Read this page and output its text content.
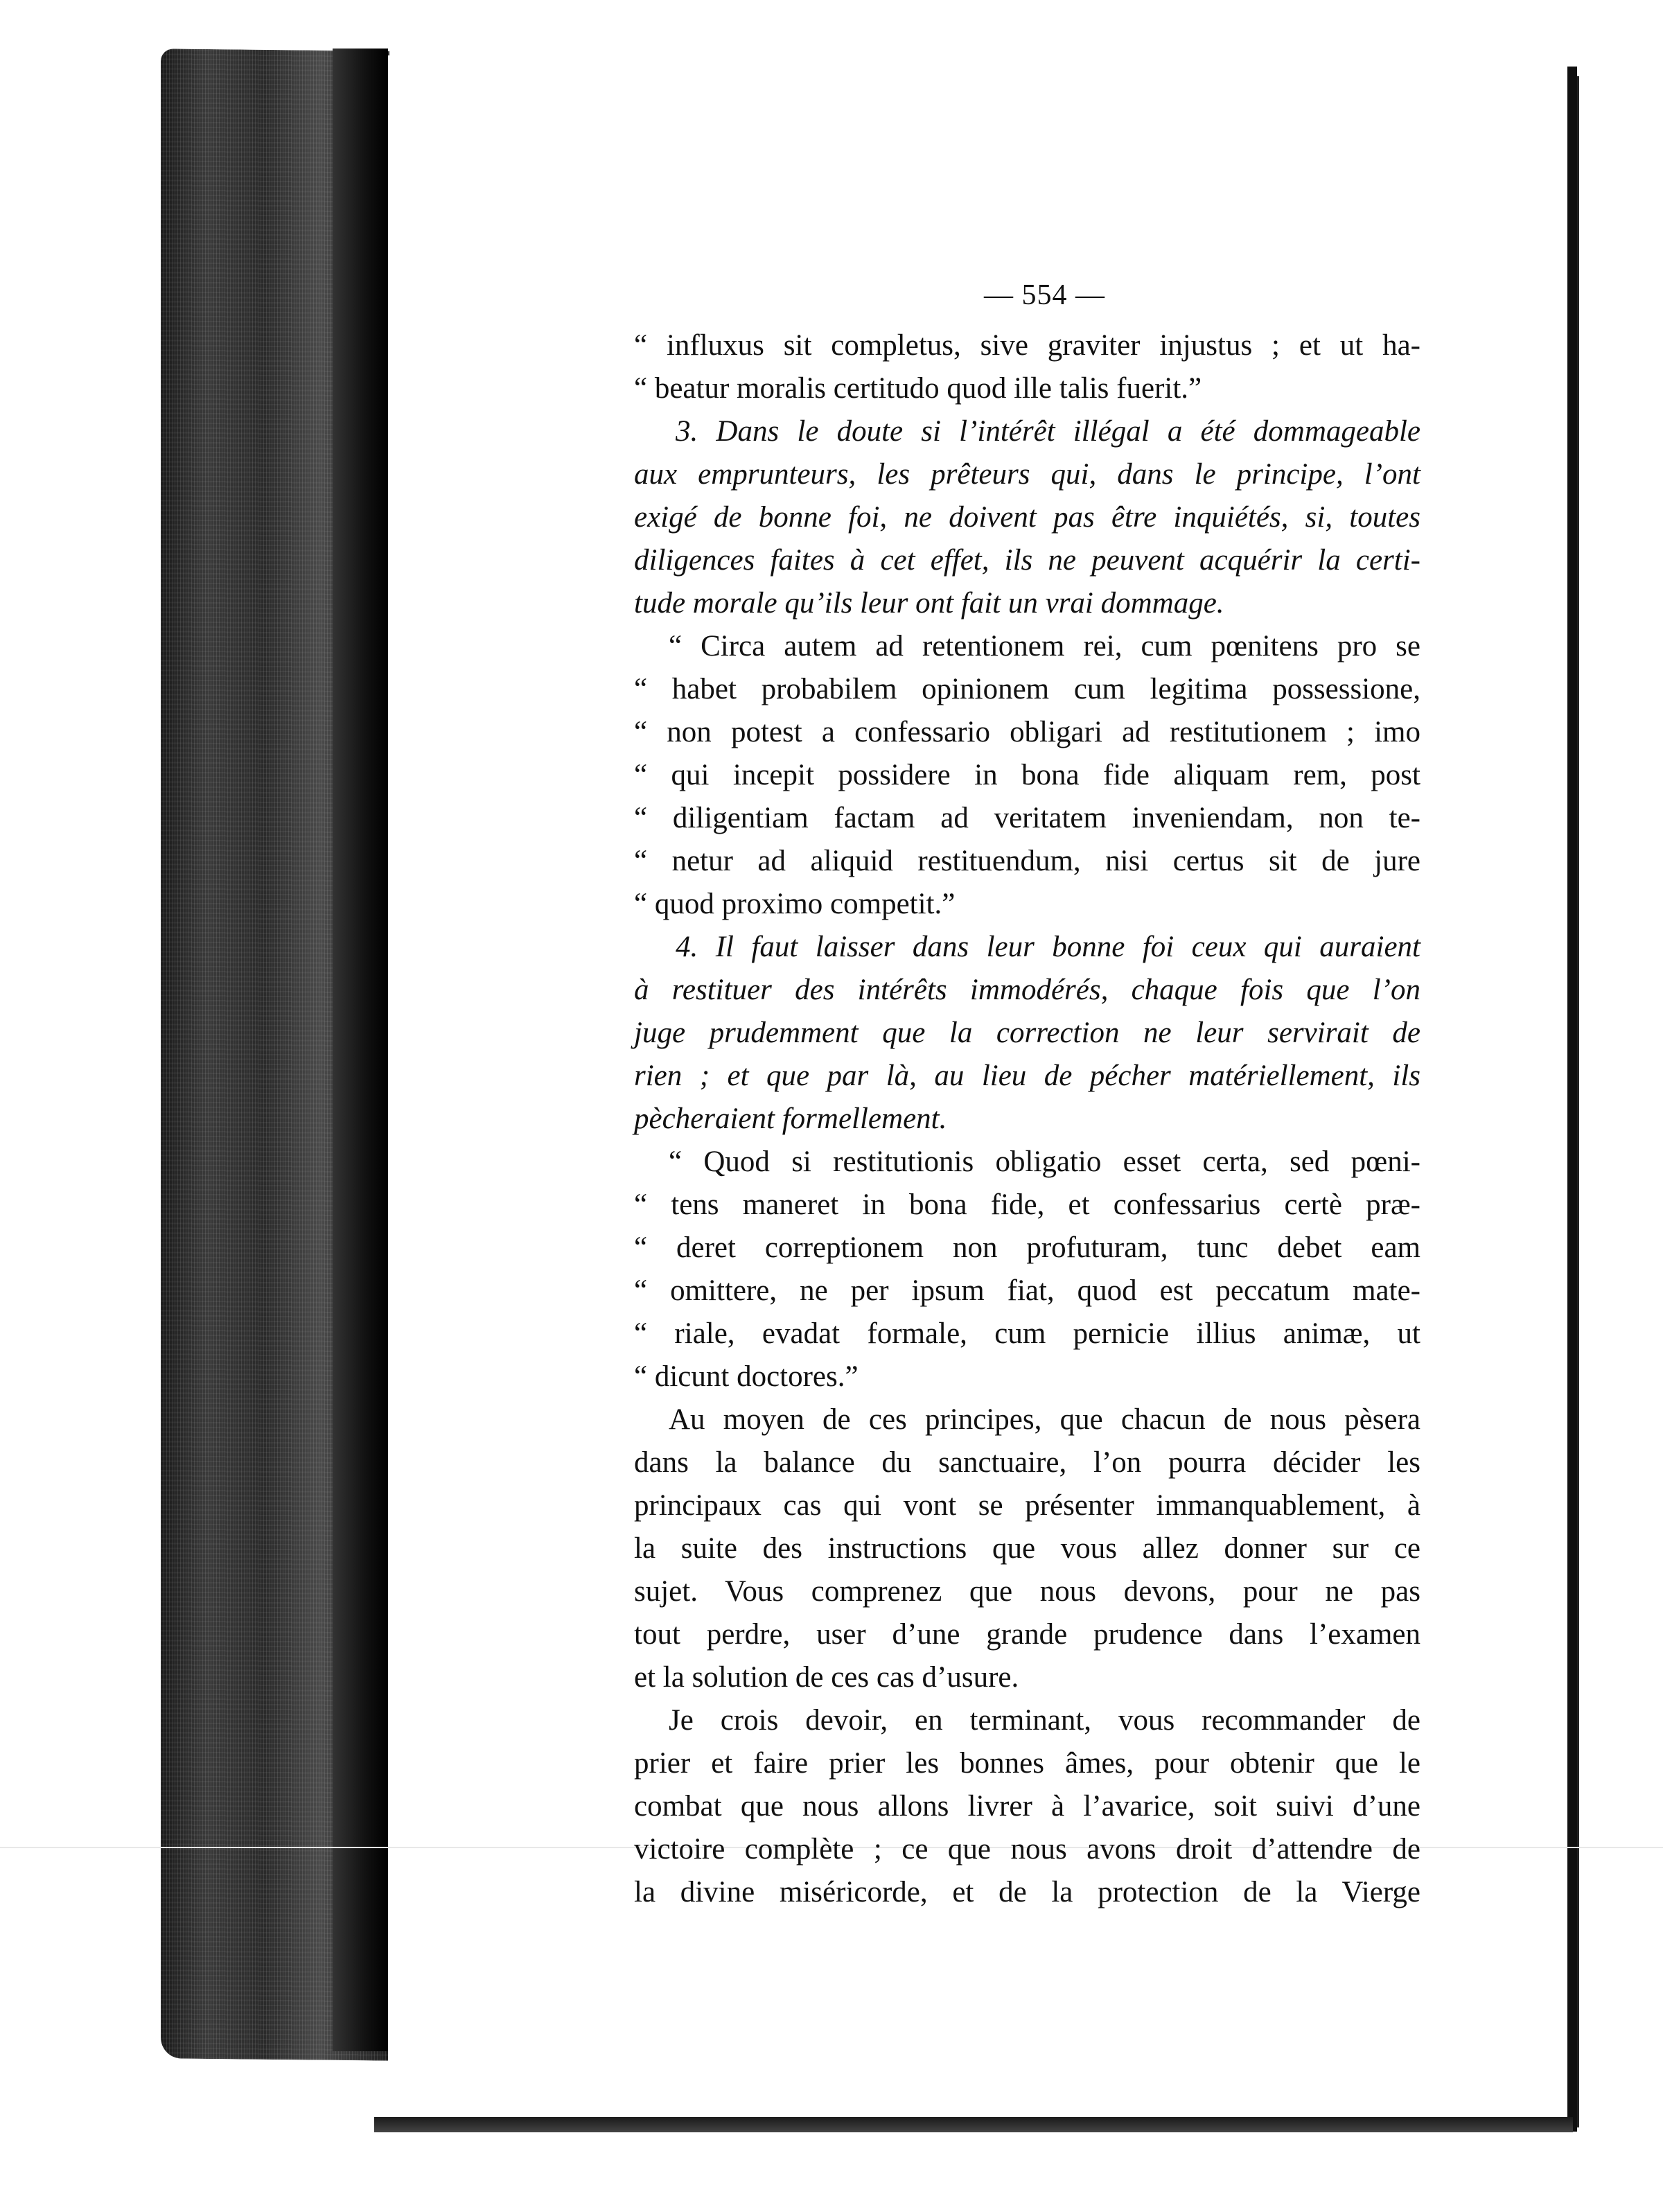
— 554 —
“ influxus sit completus, sive graviter injustus ; et ut ha-
“ beatur moralis certitudo quod ille talis fuerit.”
3. Dans le doute si l’intérêt illégal a été dommageable
aux emprunteurs, les prêteurs qui, dans le principe, l’ont
exigé de bonne foi, ne doivent pas être inquiétés, si, toutes
diligences faites à cet effet, ils ne peuvent acquérir la certi-
tude morale qu’ils leur ont fait un vrai dommage.
“ Circa autem ad retentionem rei, cum pœnitens pro se
“ habet probabilem opinionem cum legitima possessione,
“ non potest a confessario obligari ad restitutionem ; imo
“ qui incepit possidere in bona fide aliquam rem, post
“ diligentiam factam ad veritatem inveniendam, non te-
“ netur ad aliquid restituendum, nisi certus sit de jure
“ quod proximo competit.”
4. Il faut laisser dans leur bonne foi ceux qui auraient
à restituer des intérêts immodérés, chaque fois que l’on
juge prudemment que la correction ne leur servirait de
rien ; et que par là, au lieu de pécher matériellement, ils
pècheraient formellement.
“ Quod si restitutionis obligatio esset certa, sed pœni-
“ tens maneret in bona fide, et confessarius certè præ-
“ deret correptionem non profuturam, tunc debet eam
“ omittere, ne per ipsum fiat, quod est peccatum mate-
“ riale, evadat formale, cum pernicie illius animæ, ut
“ dicunt doctores.”
Au moyen de ces principes, que chacun de nous pèsera
dans la balance du sanctuaire, l’on pourra décider les
principaux cas qui vont se présenter immanquablement, à
la suite des instructions que vous allez donner sur ce
sujet. Vous comprenez que nous devons, pour ne pas
tout perdre, user d’une grande prudence dans l’examen
et la solution de ces cas d’usure.
Je crois devoir, en terminant, vous recommander de
prier et faire prier les bonnes âmes, pour obtenir que le
combat que nous allons livrer à l’avarice, soit suivi d’une
victoire complète ; ce que nous avons droit d’attendre de
la divine miséricorde, et de la protection de la Vierge
